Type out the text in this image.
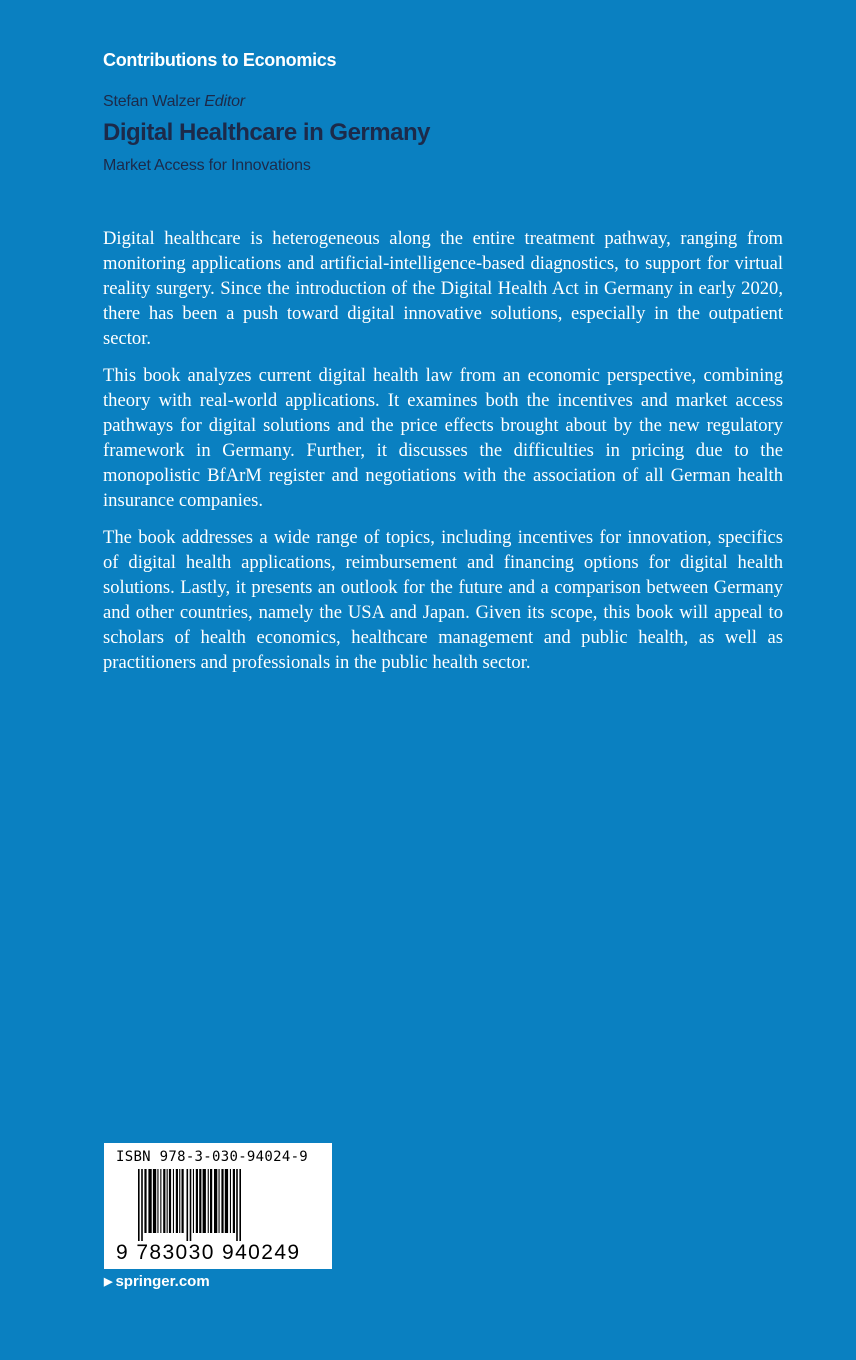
Contributions to Economics
Stefan Walzer Editor
Digital Healthcare in Germany
Market Access for Innovations

Digital healthcare is heterogeneous along the entire treatment pathway, ranging from monitoring applications and artificial-intelligence-based diagnostics, to support for virtual reality surgery. Since the introduction of the Digital Health Act in Germany in early 2020, there has been a push toward digital innovative solutions, especially in the outpatient sector.

This book analyzes current digital health law from an economic perspective, combining theory with real-world applications. It examines both the incentives and market access pathways for digital solutions and the price effects brought about by the new regulatory framework in Germany. Further, it discusses the difficulties in pricing due to the monopolistic BfArM register and negotiations with the association of all German health insurance companies.

The book addresses a wide range of topics, including incentives for innovation, specifics of digital health applications, reimbursement and financing options for digital health solutions. Lastly, it presents an outlook for the future and a comparison between Germany and other countries, namely the USA and Japan. Given its scope, this book will appeal to scholars of health economics, healthcare management and public health, as well as practitioners and professionals in the public health sector.

ISBN 978-3-030-94024-9
9 783030 940249
▶ springer.com
